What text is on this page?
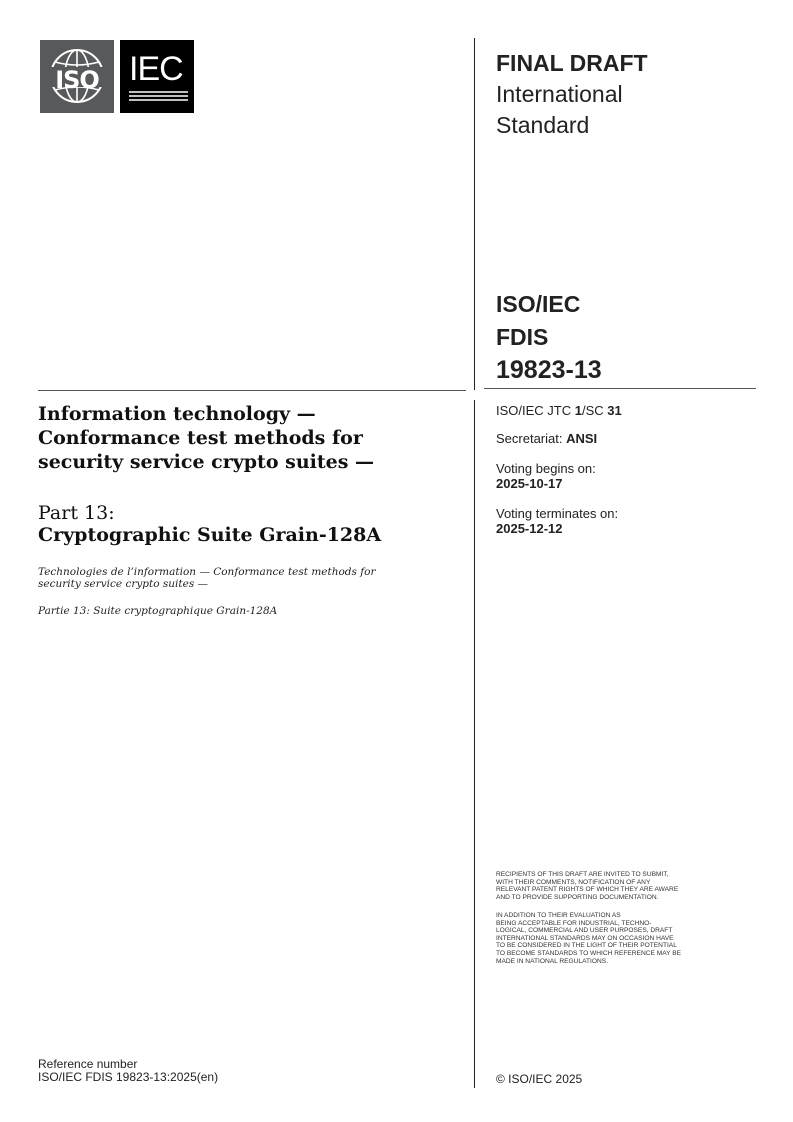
ISO IEC	FINAL DRAFT
International
Standard
ISO/IEC
FDIS
19823-13
ISO/IEC JTC 1/SC 31
Secretariat: ANSI
Voting begins on:
2025-10-17
Voting terminates on:
2025-12-12
Information technology —
Conformance test methods for
security service crypto suites —
Part 13:
Cryptographic Suite Grain-128A
Technologies de l’information — Conformance test methods for
security service crypto suites —
Partie 13: Suite cryptographique Grain-128A
RECIPIENTS OF THIS DRAFT ARE INVITED TO SUBMIT,
WITH THEIR COMMENTS, NOTIFICATION OF ANY
RELEVANT PATENT RIGHTS OF WHICH THEY ARE AWARE
AND TO PROVIDE SUPPORTING DOCUMENTATION.
IN ADDITION TO THEIR EVALUATION AS
BEING ACCEPTABLE FOR INDUSTRIAL, TECHNO-
LOGICAL, COMMERCIAL AND USER PURPOSES, DRAFT
INTERNATIONAL STANDARDS MAY ON OCCASION HAVE
TO BE CONSIDERED IN THE LIGHT OF THEIR POTENTIAL
TO BECOME STANDARDS TO WHICH REFERENCE MAY BE
MADE IN NATIONAL REGULATIONS.
Reference number
ISO/IEC FDIS 19823-13:2025(en)	© ISO/IEC 2025
